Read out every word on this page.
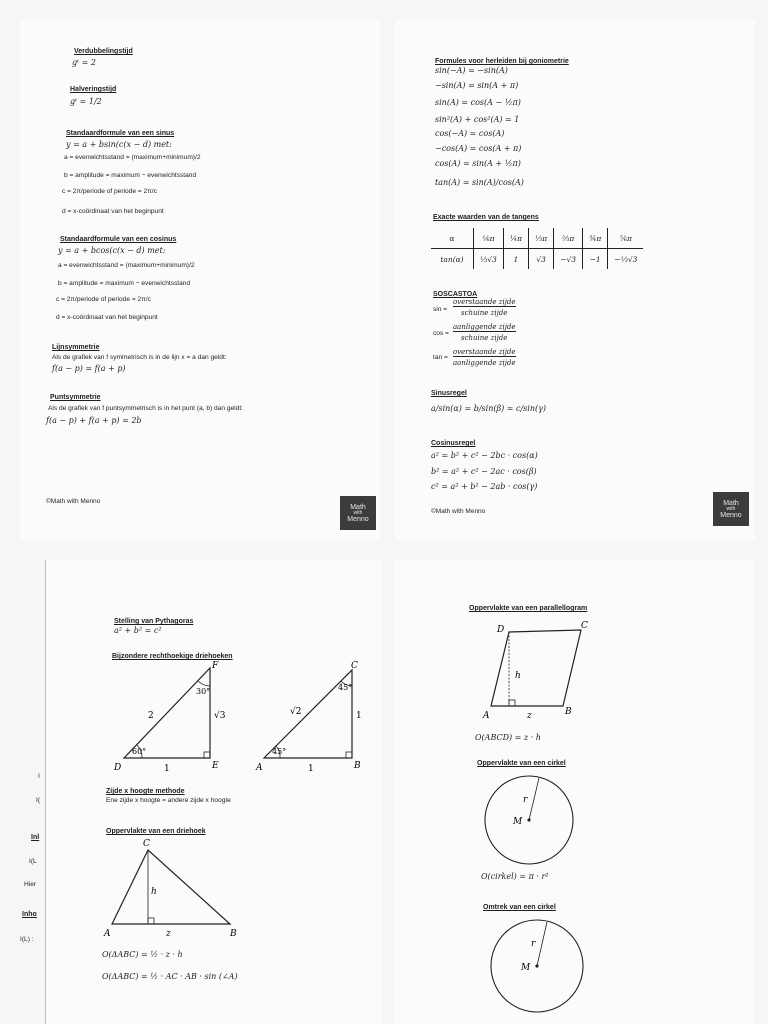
Verdubbelingstijd
gᵗ = 2
Halveringstijd
gᵗ = 1/2
Standaardformule van een sinus
y = a + bsin(c(x − d) met:
a = evenwichtsstand = (maximum+minimum)/2
b = amplitude = maximum − evenwichtsstand
c = 2π/periode of periode = 2π/c
d = x-coördinaat van het beginpunt
Standaardformule van een cosinus
y = a + bcos(c(x − d) met:
a = evenwichtsstand = (maximum+minimum)/2
b = amplitude = maximum − evenwichtsstand
c = 2π/periode of periode = 2π/c
d = x-coördinaat van het beginpunt
Lijnsymmetrie
Als de grafiek van f symmetrisch is in de lijn x = a dan geldt:
f(a − p) = f(a + p)
Puntsymmetrie
Als de grafiek van f puntsymmetrisch is in het punt (a, b) dan geldt:
f(a − p) + f(a + p) = 2b
©Math with Menno
Math
with
Menno
Formules voor herleiden bij goniometrie
sin(−A) = −sin(A)
−sin(A) = sin(A + π)
sin(A) = cos(A − ½π)
sin²(A) + cos²(A) = 1
cos(−A) = cos(A)
−cos(A) = cos(A + π)
cos(A) = sin(A + ½π)
tan(A) = sin(A)/cos(A)
Exacte waarden van de tangens
α	⅙π	¼π	⅓π	⅔π	¾π	⅚π
tan(α)	⅓√3	1	√3	−√3	−1	−⅓√3
SOSCASTOA
sin =
overstaande zijde
schuine zijde
cos =
aanliggende zijde
schuine zijde
tan =
overstaande zijde
aanliggende zijde
Sinusregel
a/sin(α) = b/sin(β) = c/sin(γ)
Cosinusregel
a² = b² + c² − 2bc · cos(α)
b² = a² + c² − 2ac · cos(β)
c² = a² + b² − 2ab · cos(γ)
©Math with Menno
Math
with
Menno
Stelling van Pythagoras
a² + b² = c²
Bijzondere rechthoekige driehoeken
F
D	E
2	√3
1
30°
60°
C
A	B
√2	1
1
45°
45°
Zijde x hoogte methode
Ene zijde x hoogte = andere zijde x hoogte
Oppervlakte van een driehoek
C
A	B
h
z
O(ΔABC) = ½ · z · h
O(ΔABC) = ½ · AC · AB · sin (∠A)
I
I(
Inl
I(L
Hier
Inho
I(L) :
Oppervlakte van een parallellogram
D	C
A	B
h
z
O(ABCD) = z · h
Oppervlakte van een cirkel
r
M
O(cirkel) = π · r²
Omtrek van een cirkel
r
M
